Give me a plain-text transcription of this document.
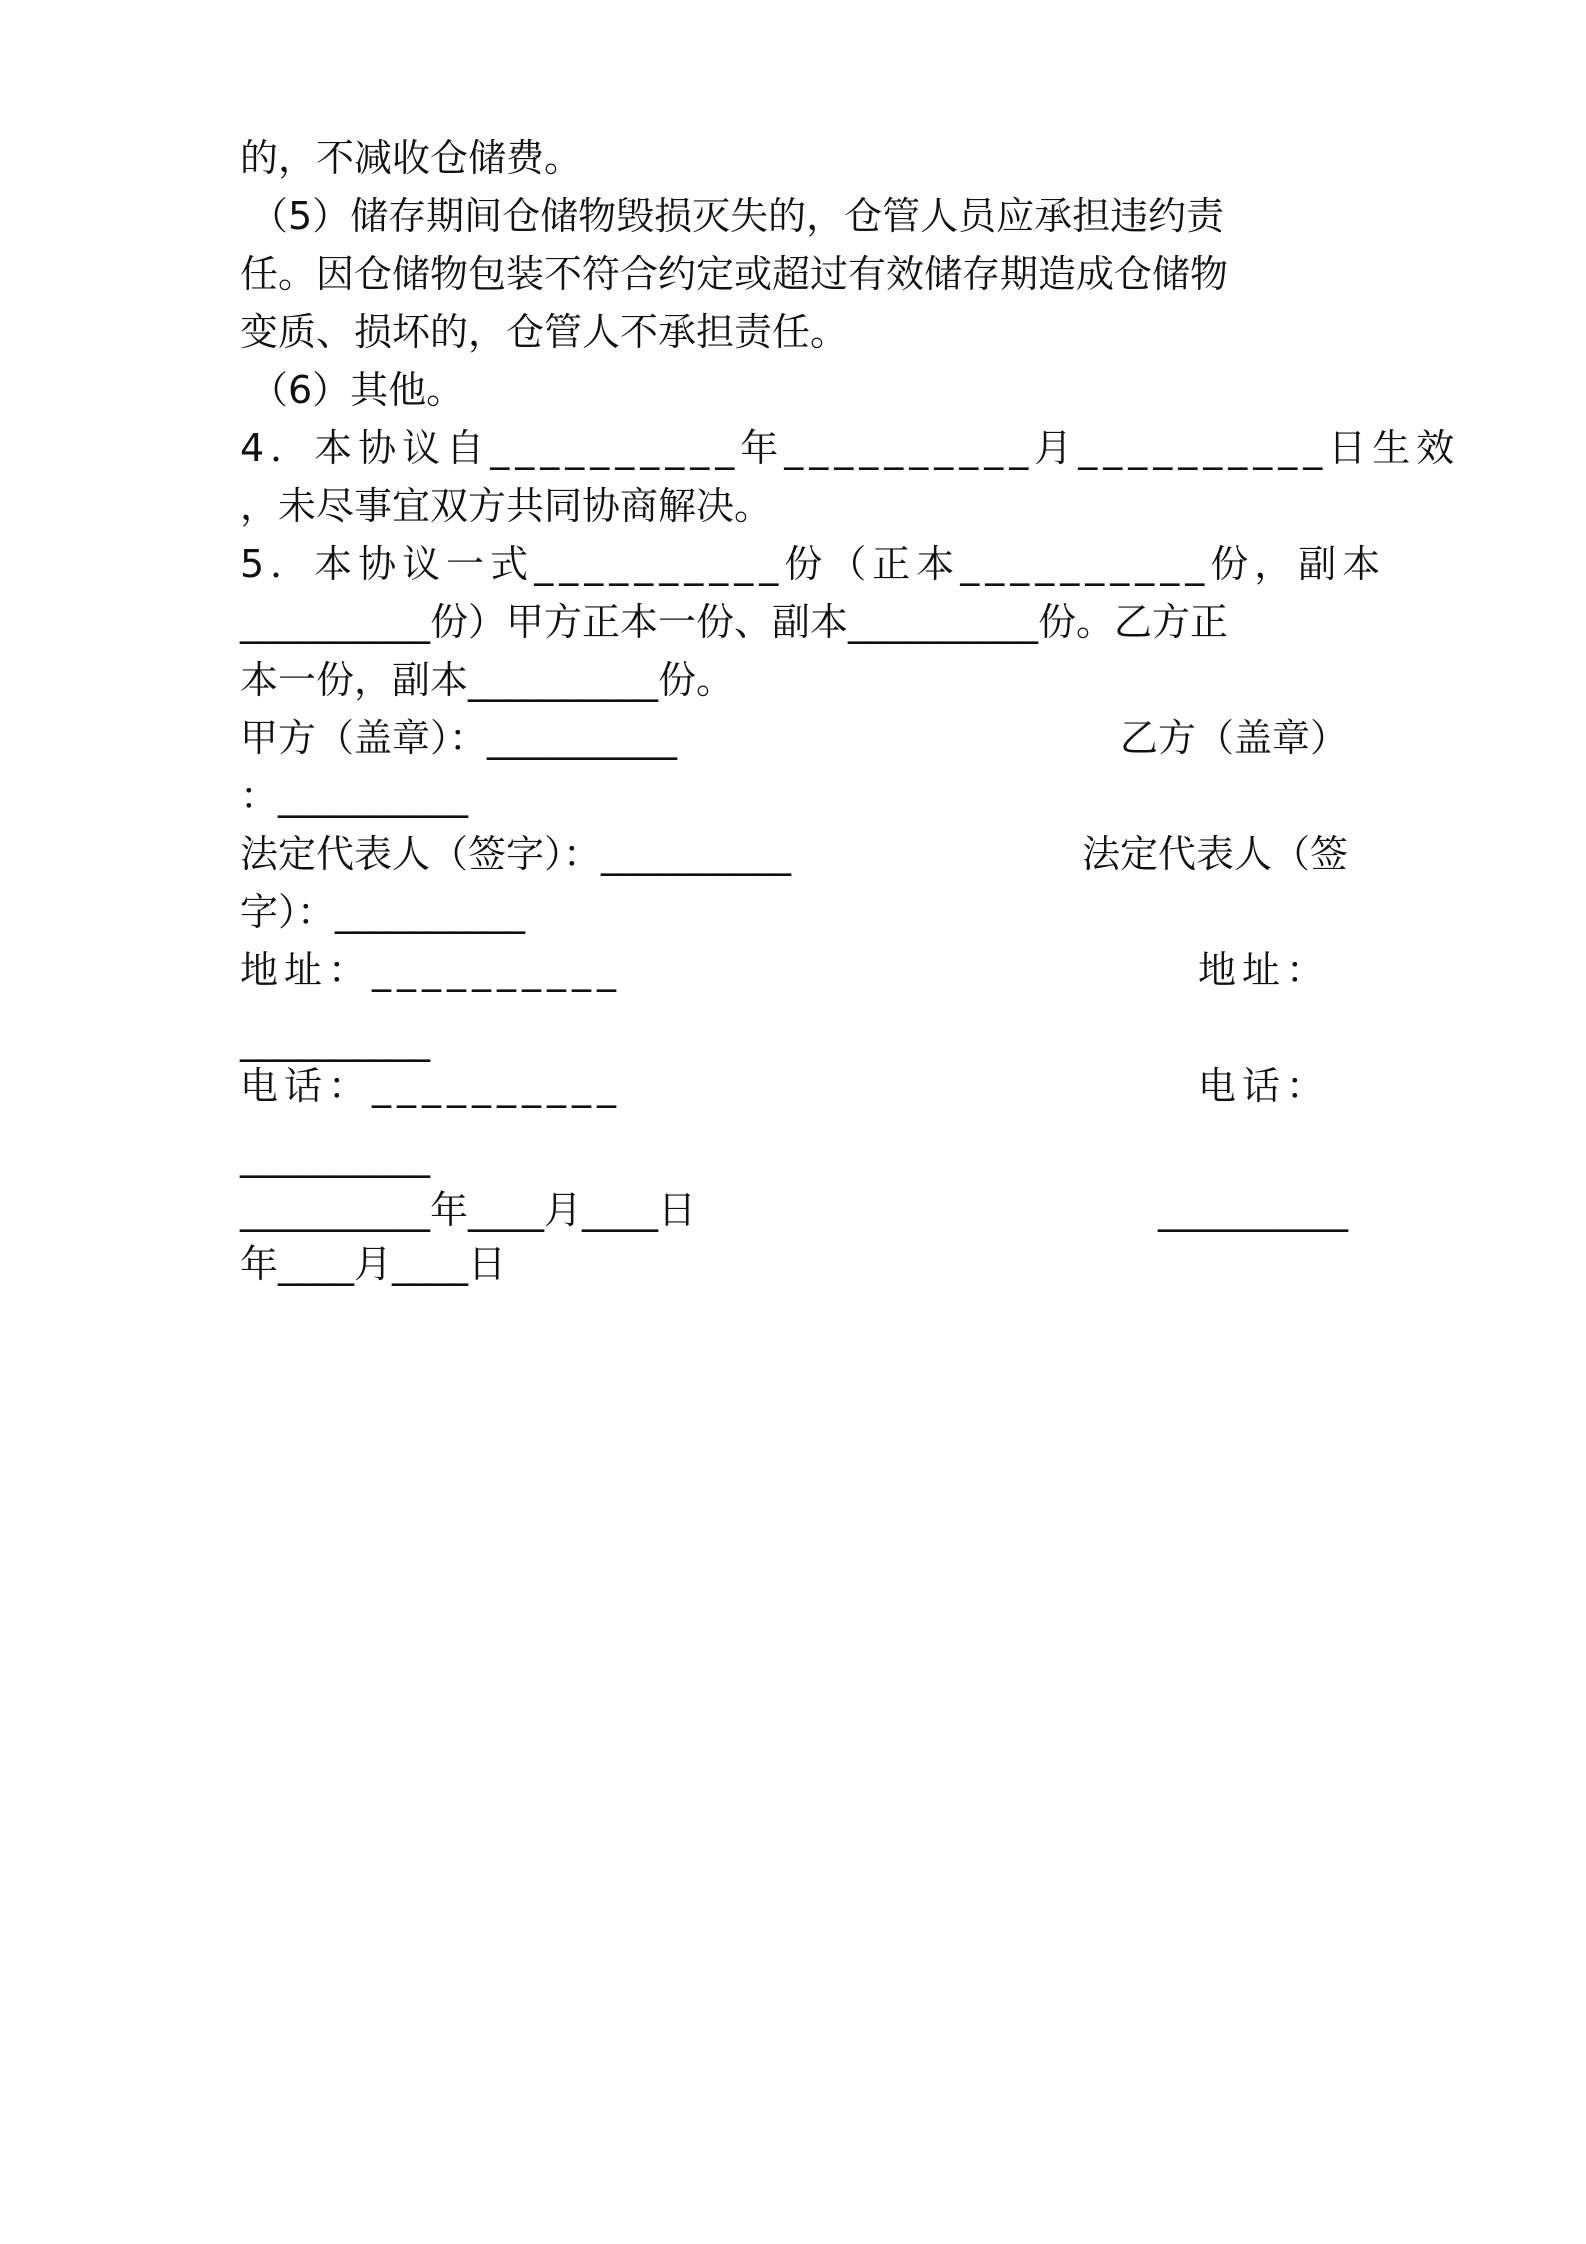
的，不减收仓储费。
（5）储存期间仓储物毁损灭失的，仓管人员应承担违约责
任。因仓储物包装不符合约定或超过有效储存期造成仓储物
变质、损坏的，仓管人不承担责任。
（6）其他。
4．本协议自__________年__________月__________日生效
，未尽事宜双方共同协商解决。
5．本协议一式__________份（正本__________份，副本
__________份）甲方正本一份、副本__________份。乙方正
本一份，副本__________份。
甲方（盖章）：__________	乙方（盖章）
：__________
法定代表人（签字）：__________	法定代表人（签
字）：__________
地址：__________	地址：
__________
电话：__________	电话：
__________
__________年____月____日	__________
年____月____日
